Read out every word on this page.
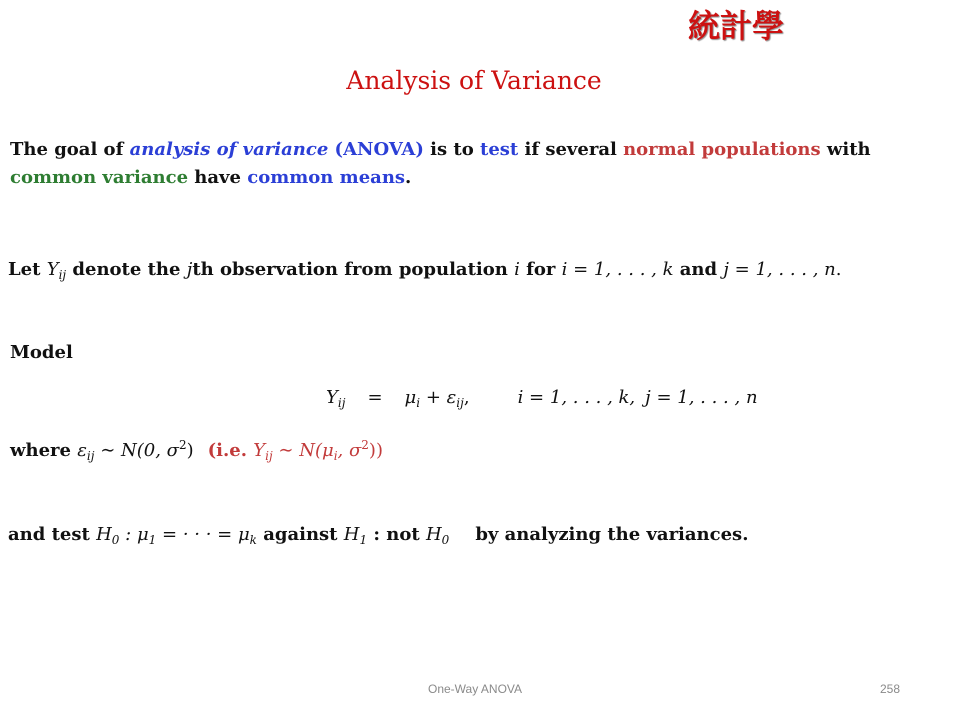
統計學
Analysis of Variance
The goal of analysis of variance (ANOVA) is to test if several normal populations with
common variance have common means.
Let $Y_{ij}$ denote the jth observation from population i for i = 1, . . . , k and j = 1, . . . , n.
Model
$Y_{ij} = \mu_i + \varepsilon_{ij}$,	i = 1, . . . , k, j = 1, . . . , n
where $\varepsilon_{ij}$ ∼ N(0, $\sigma^2$) (i.e. $Y_{ij}$ ∼ $N(\mu_i$, $\sigma^2$))
and test $H_0$ : $\mu_1$ = · · · = $\mu_k$ against $H_1$ : not $H_0$ by analyzing the variances.
One-Way ANOVA	258
